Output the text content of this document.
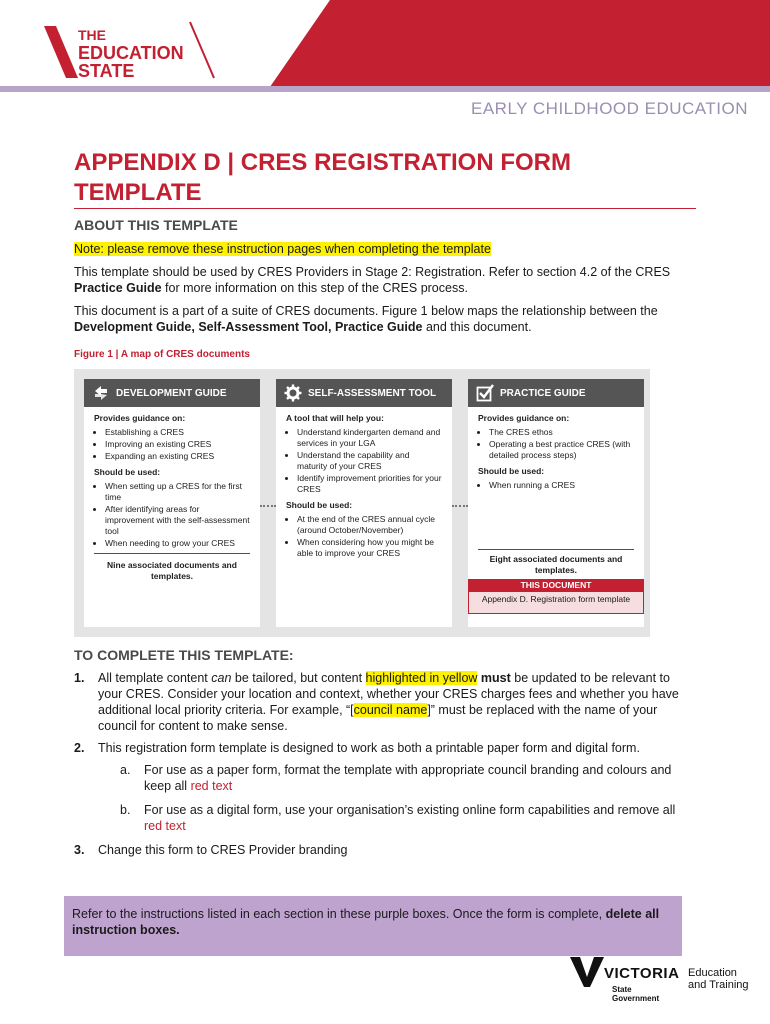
THE
EDUCATION
STATE
EARLY CHILDHOOD EDUCATION
APPENDIX D | CRES REGISTRATION FORM TEMPLATE
ABOUT THIS TEMPLATE

Note: please remove these instruction pages when completing the template

This template should be used by CRES Providers in Stage 2: Registration. Refer to section 4.2 of the CRES Practice Guide for more information on this step of the CRES process.

This document is a part of a suite of CRES documents. Figure 1 below maps the relationship between the Development Guide, Self-Assessment Tool, Practice Guide and this document.

Figure 1 | A map of CRES documents
DEVELOPMENT GUIDE
Provides guidance on:
• Establishing a CRES
• Improving an existing CRES
• Expanding an existing CRES
Should be used:
• When setting up a CRES for the first time
• After identifying areas for improvement with the self-assessment tool
• When needing to grow your CRES
Nine associated documents and templates.
SELF-ASSESSMENT TOOL
A tool that will help you:
• Understand kindergarten demand and services in your LGA
• Understand the capability and maturity of your CRES
• Identify improvement priorities for your CRES
Should be used:
• At the end of the CRES annual cycle (around October/November)
• When considering how you might be able to improve your CRES
PRACTICE GUIDE
Provides guidance on:
• The CRES ethos
• Operating a best practice CRES (with detailed process steps)
Should be used:
• When running a CRES
Eight associated documents and templates.
THIS DOCUMENT
Appendix D. Registration form template
TO COMPLETE THIS TEMPLATE:
1. All template content can be tailored, but content highlighted in yellow must be updated to be relevant to your CRES. Consider your location and context, whether your CRES charges fees and whether you have additional local priority criteria. For example, “[council name]” must be replaced with the name of your council for content to make sense.
2. This registration form template is designed to work as both a printable paper form and digital form.
a. For use as a paper form, format the template with appropriate council branding and colours and keep all red text
b. For use as a digital form, use your organisation’s existing online form capabilities and remove all red text
3. Change this form to CRES Provider branding

Refer to the instructions listed in each section in these purple boxes. Once the form is complete, delete all instruction boxes.

VICTORIA
State
Government
Education
and Training
